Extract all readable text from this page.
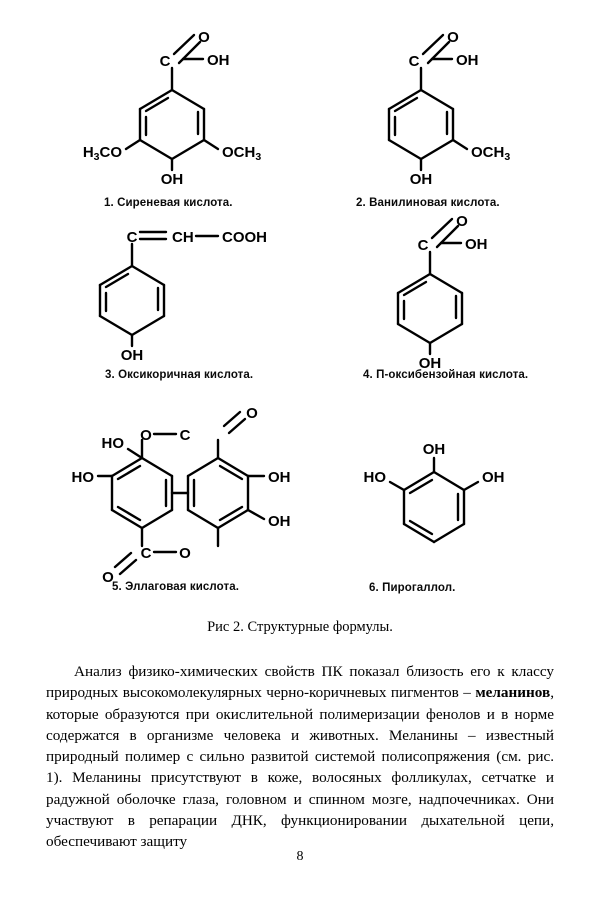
C
O
OH
$H_3CO$	$OCH_3$
OH
1. Сиреневая кислота.
C
O
OH
$OCH_3$
OH
2. Ванилиновая кислота.
C CH COOH
OH
3. Оксикоричная кислота.
C
O
OH
OH
4. П-оксибензойная кислота.
O C
O
C O
O
HO
HO	OH
OH
5. Эллаговая кислота.
OH
HO	OH
6. Пирогаллол.
Рис 2. Структурные формулы.
Анализ физико-химических свойств ПК показал близость его к классу природных высокомолекулярных черно-коричневых пигментов – меланинов, которые образуются при окислительной полимеризации фенолов и в норме содержатся в организме человека и животных. Меланины – известный природный полимер с сильно развитой системой полисопряжения (см. рис. 1). Меланины присутствуют в коже, волосяных фолликулах, сетчатке и радужной оболочке глаза, головном и спинном мозге, надпочечниках. Они участвуют в репарации ДНК, функционировании дыхательной цепи, обеспечивают защиту
8
